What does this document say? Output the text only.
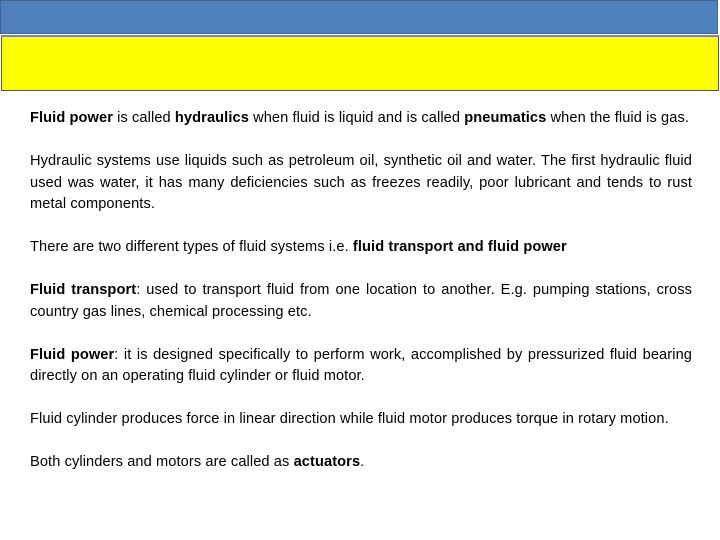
Fluid power is called hydraulics when fluid is liquid and is called pneumatics when the fluid is gas.

Hydraulic systems use liquids such as petroleum oil, synthetic oil and water. The first hydraulic fluid used was water, it has many deficiencies such as freezes readily, poor lubricant and tends to rust metal components.

There are two different types of fluid systems i.e. fluid transport and fluid power

Fluid transport: used to transport fluid from one location to another. E.g. pumping stations, cross country gas lines, chemical processing etc.

Fluid power: it is designed specifically to perform work, accomplished by pressurized fluid bearing directly on an operating fluid cylinder or fluid motor.

Fluid cylinder produces force in linear direction while fluid motor produces torque in rotary motion.

Both cylinders and motors are called as actuators.
